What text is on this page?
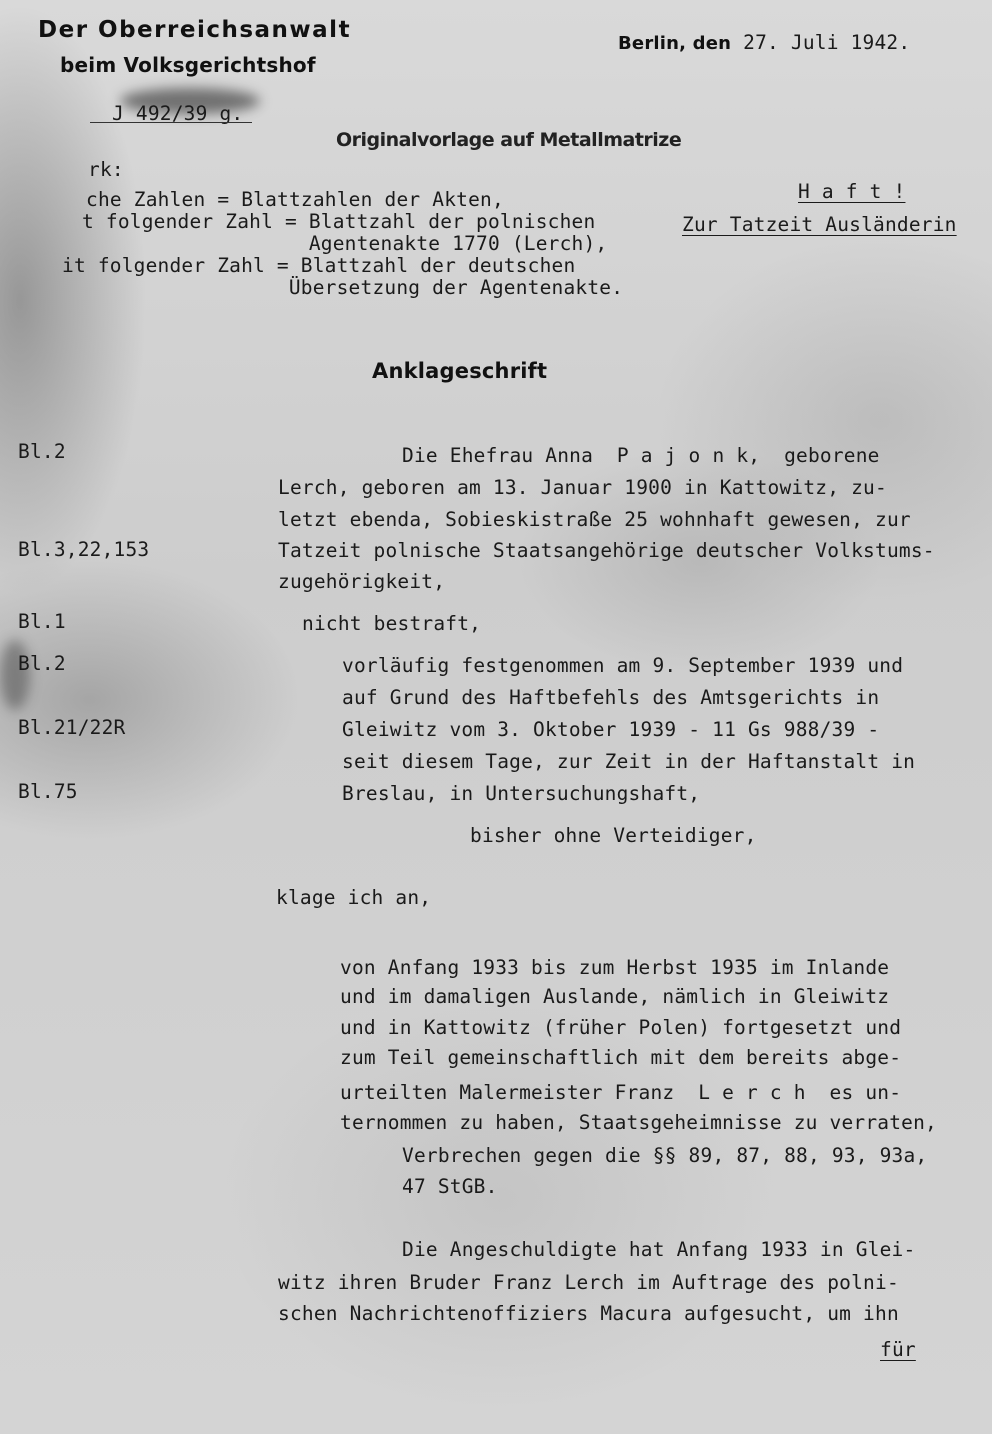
Der Oberreichsanwalt
beim Volksgerichtshof
Berlin, den 27. Juli 1942.
J 492/39 g.
Originalvorlage auf Metallmatrize
rk:
che Zahlen = Blattzahlen der Akten,
t folgender Zahl = Blattzahl der polnischen
Agentenakte 1770 (Lerch),
it folgender Zahl = Blattzahl der deutschen
Übersetzung der Agentenakte.
H a f t !
Zur Tatzeit Ausländerin
Anklageschrift
Bl.2
Bl.3,22,153
Bl.1
Bl.2
Bl.21/22R
Bl.75
Die Ehefrau Anna  P a j o n k,  geborene
Lerch, geboren am 13. Januar 1900 in Kattowitz, zu-
letzt ebenda, Sobieskistraße 25 wohnhaft gewesen, zur
Tatzeit polnische Staatsangehörige deutscher Volkstums-
zugehörigkeit,
nicht bestraft,
vorläufig festgenommen am 9. September 1939 und
auf Grund des Haftbefehls des Amtsgerichts in
Gleiwitz vom 3. Oktober 1939 - 11 Gs 988/39 -
seit diesem Tage, zur Zeit in der Haftanstalt in
Breslau, in Untersuchungshaft,
bisher ohne Verteidiger,
klage ich an,
von Anfang 1933 bis zum Herbst 1935 im Inlande
und im damaligen Auslande, nämlich in Gleiwitz
und in Kattowitz (früher Polen) fortgesetzt und
zum Teil gemeinschaftlich mit dem bereits abge-
urteilten Malermeister Franz  L e r c h  es un-
ternommen zu haben, Staatsgeheimnisse zu verraten,
Verbrechen gegen die §§ 89, 87, 88, 93, 93a,
47 StGB.
Die Angeschuldigte hat Anfang 1933 in Glei-
witz ihren Bruder Franz Lerch im Auftrage des polni-
schen Nachrichtenoffiziers Macura aufgesucht, um ihn
für
